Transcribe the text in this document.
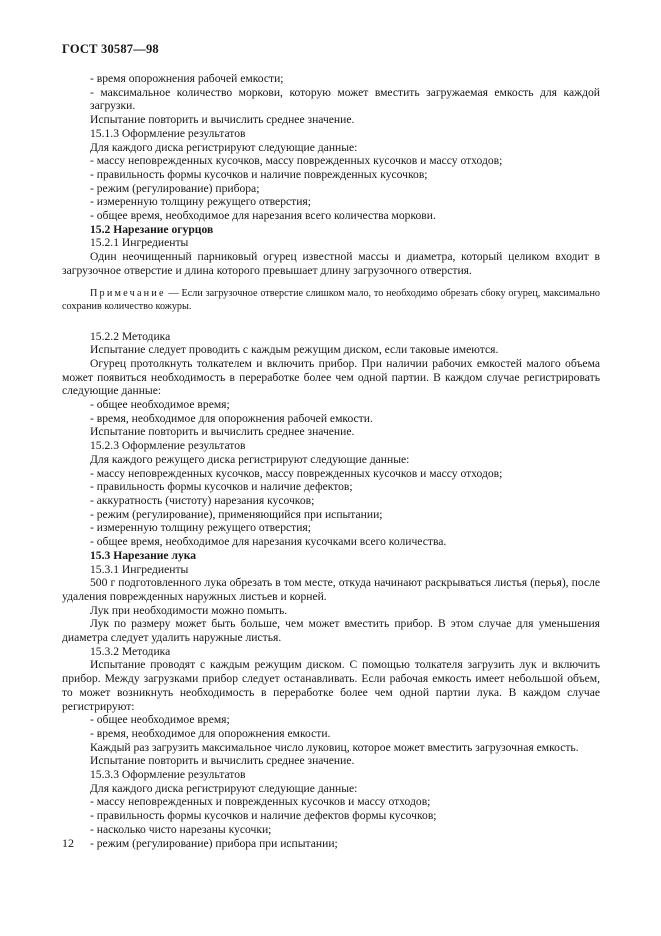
ГОСТ 30587—98

- время опорожнения рабочей емкости;

- максимальное количество моркови, которую может вместить загружаемая емкость для каждой загрузки.

Испытание повторить и вычислить среднее значение.

15.1.3 Оформление результатов

Для каждого диска регистрируют следующие данные:

- массу неповрежденных кусочков, массу поврежденных кусочков и массу отходов;

- правильность формы кусочков и наличие поврежденных кусочков;

- режим (регулирование) прибора;

- измеренную толщину режущего отверстия;

- общее время, необходимое для нарезания всего количества моркови.

15.2 Нарезание огурцов

15.2.1 Ингредиенты

Один неочищенный парниковый огурец известной массы и диаметра, который целиком входит в загрузочное отверстие и длина которого превышает длину загрузочного отверстия.

Примечание — Если загрузочное отверстие слишком мало, то необходимо обрезать сбоку огурец, максимально сохранив количество кожуры.

15.2.2 Методика

Испытание следует проводить с каждым режущим диском, если таковые имеются.

Огурец протолкнуть толкателем и включить прибор. При наличии рабочих емкостей малого объема может появиться необходимость в переработке более чем одной партии. В каждом случае регистрировать следующие данные:

- общее необходимое время;

- время, необходимое для опорожнения рабочей емкости.

Испытание повторить и вычислить среднее значение.

15.2.3 Оформление результатов

Для каждого режущего диска регистрируют следующие данные:

- массу неповрежденных кусочков, массу поврежденных кусочков и массу отходов;

- правильность формы кусочков и наличие дефектов;

- аккуратность (чистоту) нарезания кусочков;

- режим (регулирование), применяющийся при испытании;

- измеренную толщину режущего отверстия;

- общее время, необходимое для нарезания кусочками всего количества.

15.3 Нарезание лука

15.3.1 Ингредиенты

500 г подготовленного лука обрезать в том месте, откуда начинают раскрываться листья (перья), после удаления поврежденных наружных листьев и корней.

Лук при необходимости можно помыть.

Лук по размеру может быть больше, чем может вместить прибор. В этом случае для уменьшения диаметра следует удалить наружные листья.

15.3.2 Методика

Испытание проводят с каждым режущим диском. С помощью толкателя загрузить лук и включить прибор. Между загрузками прибор следует останавливать. Если рабочая емкость имеет небольшой объем, то может возникнуть необходимость в переработке более чем одной партии лука. В каждом случае регистрируют:

- общее необходимое время;

- время, необходимое для опорожнения емкости.

Каждый раз загрузить максимальное число луковиц, которое может вместить загрузочная емкость.

Испытание повторить и вычислить среднее значение.

15.3.3 Оформление результатов

Для каждого диска регистрируют следующие данные:

- массу неповрежденных и поврежденных кусочков и массу отходов;

- правильность формы кусочков и наличие дефектов формы кусочков;

- насколько чисто нарезаны кусочки;

- режим (регулирование) прибора при испытании;

12
